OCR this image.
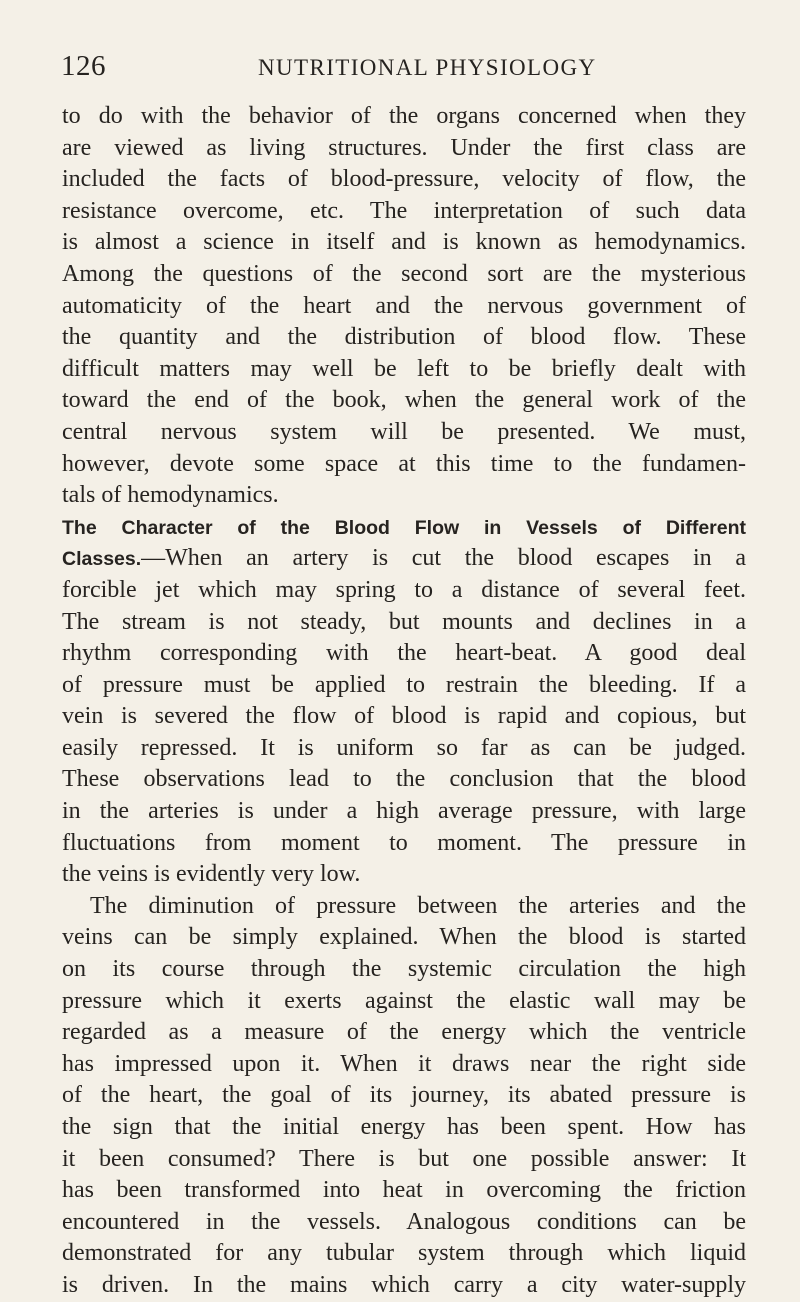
126	NUTRITIONAL PHYSIOLOGY
to do with the behavior of the organs concerned when they
are viewed as living structures. Under the first class are
included the facts of blood-pressure, velocity of flow, the
resistance overcome, etc. The interpretation of such data
is almost a science in itself and is known as hemodynamics.
Among the questions of the second sort are the mysterious
automaticity of the heart and the nervous government of
the quantity and the distribution of blood flow. These
difficult matters may well be left to be briefly dealt with
toward the end of the book, when the general work of the
central nervous system will be presented. We must,
however, devote some space at this time to the fundamen-
tals of hemodynamics.
The Character of the Blood Flow in Vessels of Different
Classes.—When an artery is cut the blood escapes in a
forcible jet which may spring to a distance of several feet.
The stream is not steady, but mounts and declines in a
rhythm corresponding with the heart-beat. A good deal
of pressure must be applied to restrain the bleeding. If a
vein is severed the flow of blood is rapid and copious, but
easily repressed. It is uniform so far as can be judged.
These observations lead to the conclusion that the blood
in the arteries is under a high average pressure, with large
fluctuations from moment to moment. The pressure in
the veins is evidently very low.
The diminution of pressure between the arteries and the
veins can be simply explained. When the blood is started
on its course through the systemic circulation the high
pressure which it exerts against the elastic wall may be
regarded as a measure of the energy which the ventricle
has impressed upon it. When it draws near the right side
of the heart, the goal of its journey, its abated pressure is
the sign that the initial energy has been spent. How has
it been consumed? There is but one possible answer: It
has been transformed into heat in overcoming the friction
encountered in the vessels. Analogous conditions can be
demonstrated for any tubular system through which liquid
is driven. In the mains which carry a city water-supply
